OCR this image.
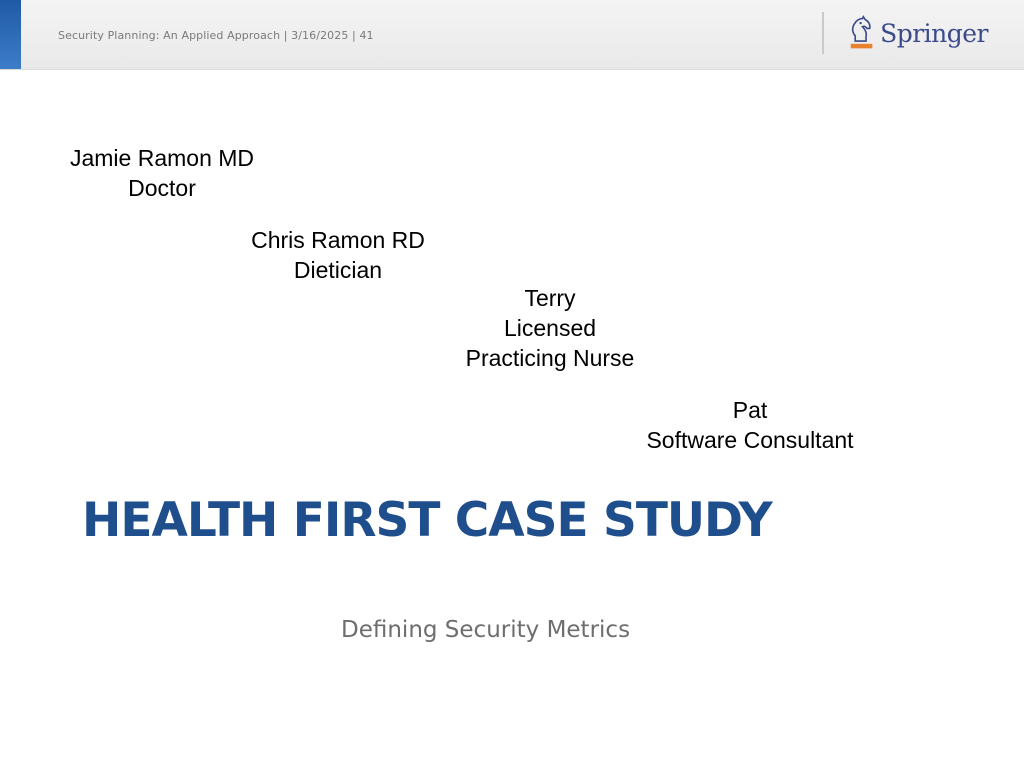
Security Planning: An Applied Approach | 3/16/2025 | 41	Springer
Jamie Ramon MD
Doctor
Chris Ramon RD
Dietician
Terry
Licensed
Practicing Nurse
Pat
Software Consultant
HEALTH FIRST CASE STUDY
Defining Security Metrics
